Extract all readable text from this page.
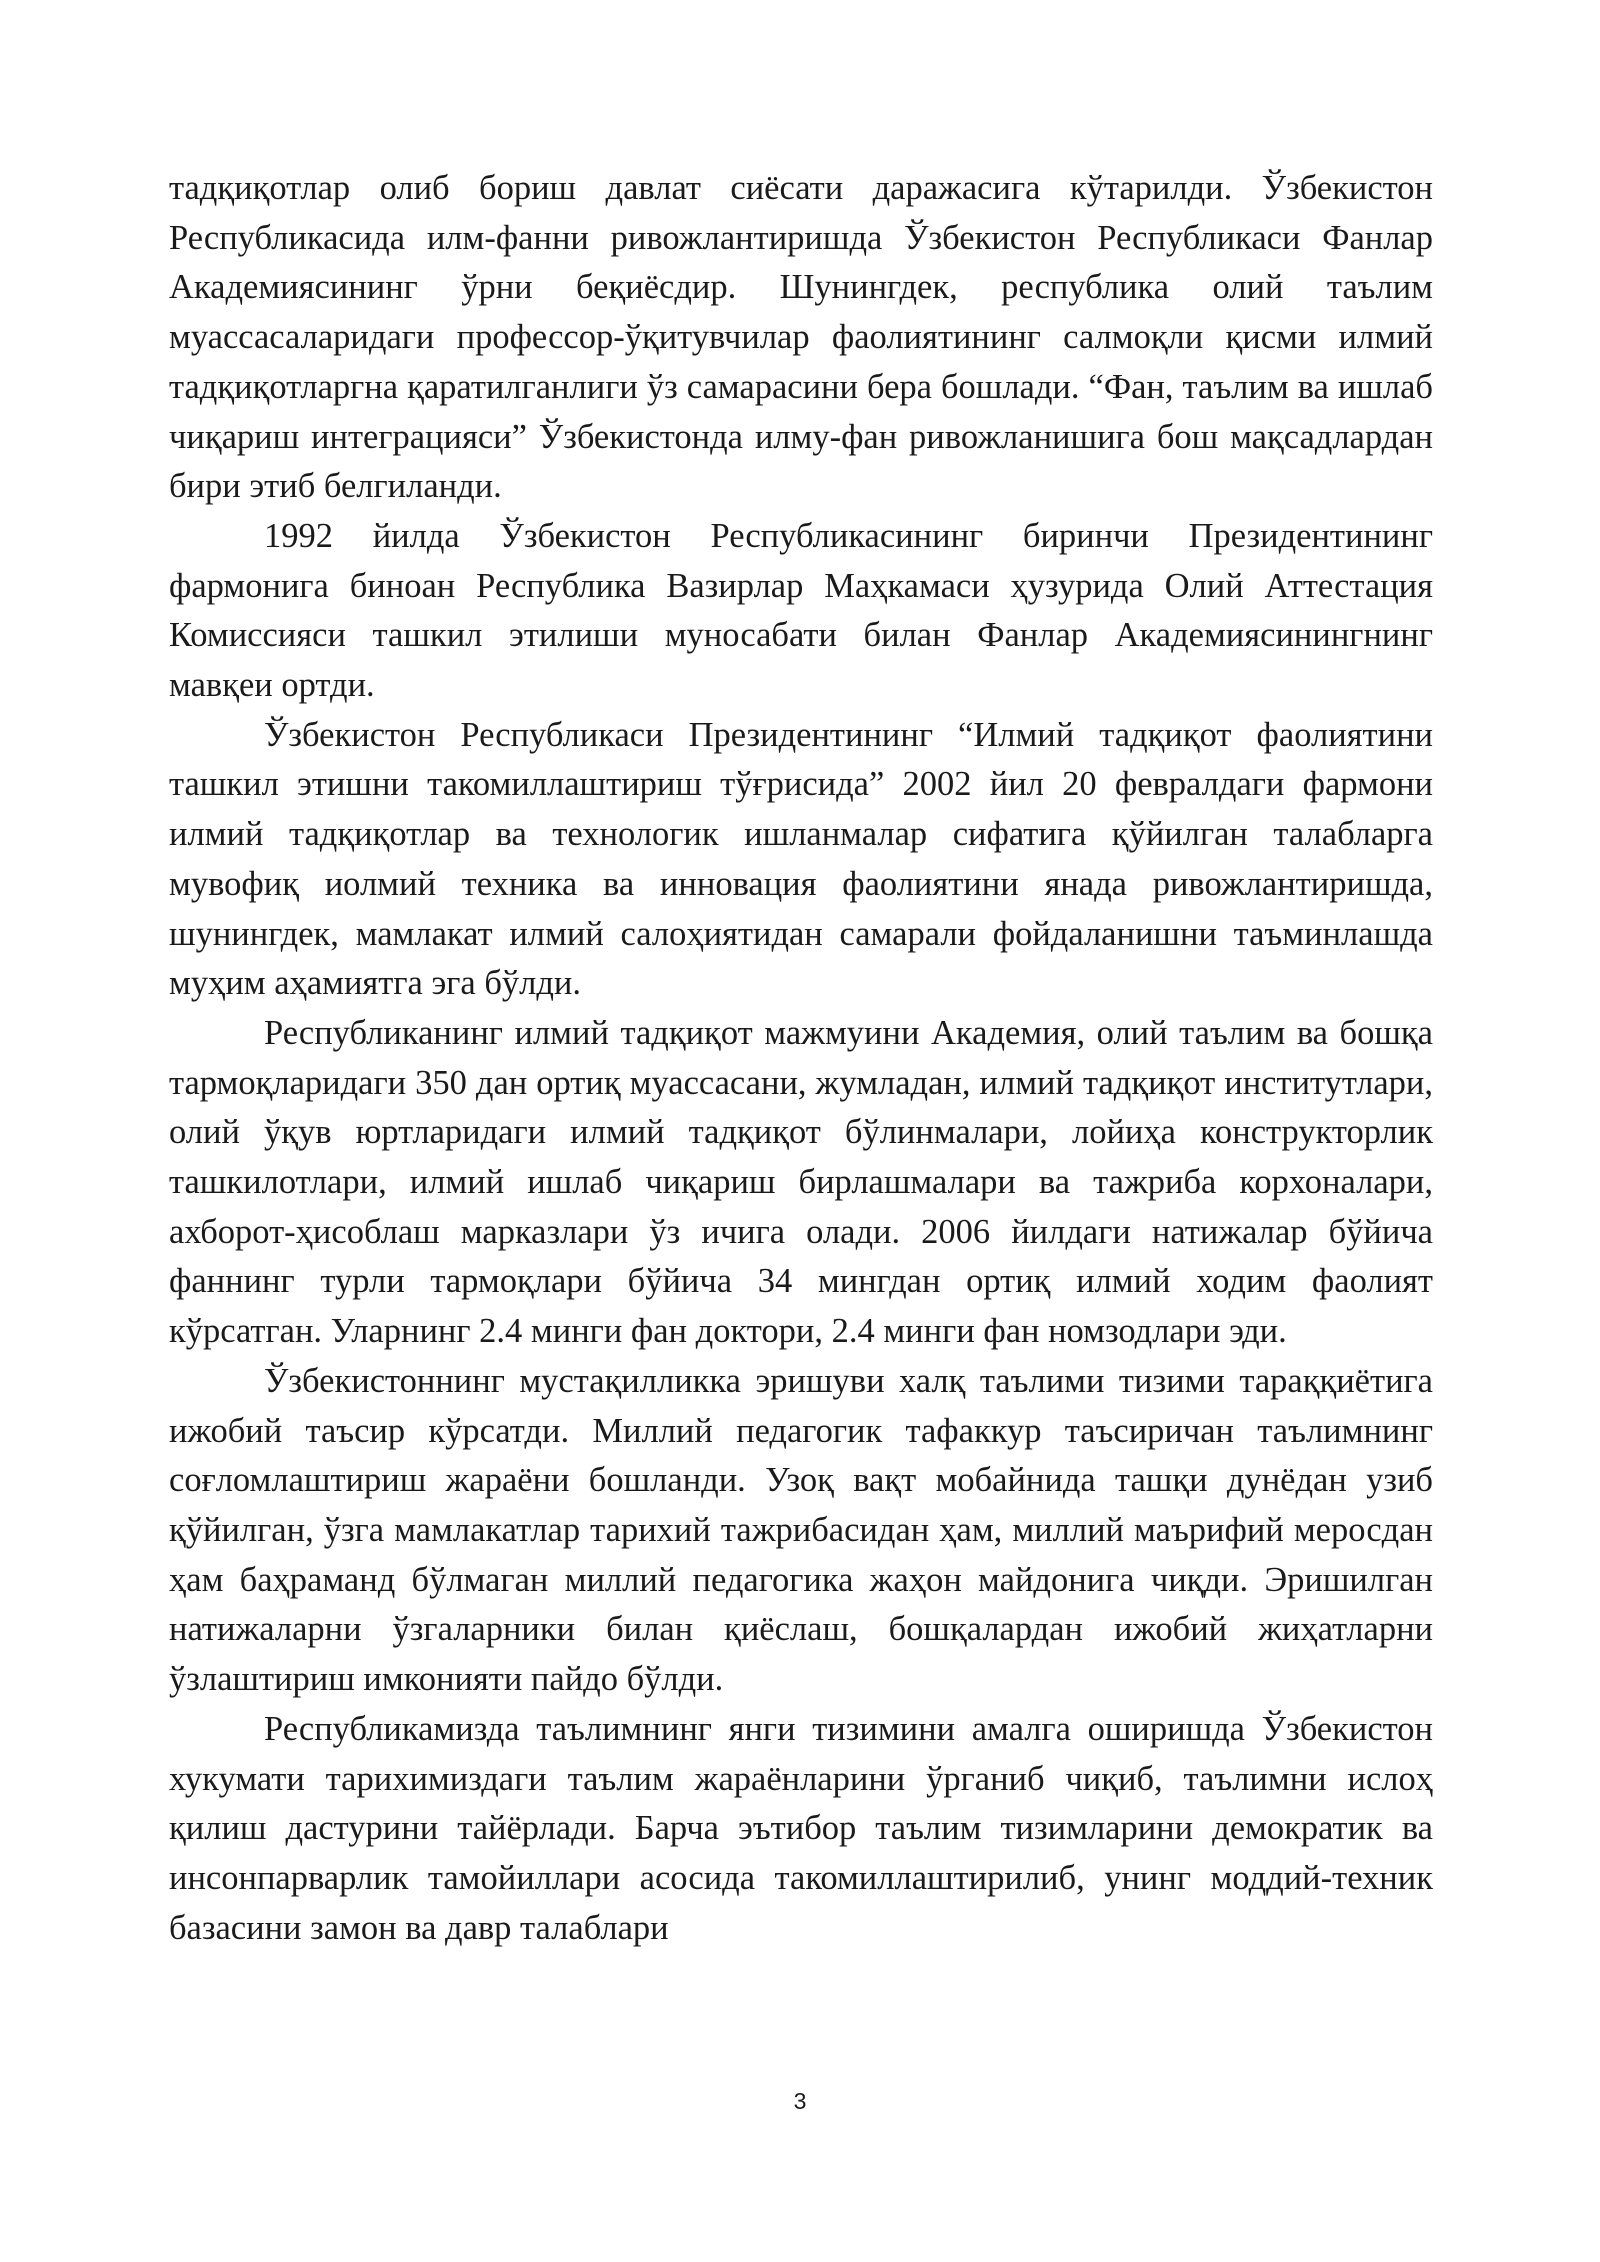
тадқиқотлар олиб бориш давлат сиёсати даражасига кўтарилди. Ўзбекистон Республикасида илм-фанни ривожлантиришда Ўзбекистон Республикаси Фанлар Академиясининг ўрни беқиёсдир. Шунингдек, республика олий таълим муассасаларидаги профессор-ўқитувчилар фаолиятининг салмоқли қисми илмий тадқиқотларгна қаратилганлиги ўз самарасини бера бошлади. “Фан, таълим ва ишлаб чиқариш интеграцияси” Ўзбекистонда илму-фан ривожланишига бош мақсадлардан бири этиб белгиланди.

1992 йилда Ўзбекистон Республикасининг биринчи Президентининг фармонига биноан Республика Вазирлар Маҳкамаси ҳузурида Олий Аттестация Комиссияси ташкил этилиши муносабати билан Фанлар Академиясинингнинг мавқеи ортди.

Ўзбекистон Республикаси Президентининг “Илмий тадқиқот фаолиятини ташкил этишни такомиллаштириш тўғрисида” 2002 йил 20 февралдаги фармони илмий тадқиқотлар ва технологик ишланмалар сифатига қўйилган талабларга мувофиқ иолмий техника ва инновация фаолиятини янада ривожлантиришда, шунингдек, мамлакат илмий салоҳиятидан самарали фойдаланишни таъминлашда муҳим аҳамиятга эга бўлди.

Республиканинг илмий тадқиқот мажмуини Академия, олий таълим ва бошқа тармоқларидаги 350 дан ортиқ муассасани, жумладан, илмий тадқиқот институтлари, олий ўқув юртларидаги илмий тадқиқот бўлинмалари, лойиҳа конструкторлик ташкилотлари, илмий ишлаб чиқариш бирлашмалари ва тажриба корхоналари, ахборот-ҳисоблаш марказлари ўз ичига олади. 2006 йилдаги натижалар бўйича фаннинг турли тармоқлари бўйича 34 мингдан ортиқ илмий ходим фаолият кўрсатган. Уларнинг 2.4 минги фан доктори, 2.4 минги фан номзодлари эди.

Ўзбекистоннинг мустақилликка эришуви халқ таълими тизими тараққиётига ижобий таъсир кўрсатди. Миллий педагогик тафаккур таъсиричан таълимнинг соғломлаштириш жараёни бошланди. Узоқ вақт мобайнида ташқи дунёдан узиб қўйилган, ўзга мамлакатлар тарихий тажрибасидан ҳам, миллий маърифий меросдан ҳам баҳраманд бўлмаган миллий педагогика жаҳон майдонига чиқди. Эришилган натижаларни ўзгаларники билан қиёслаш, бошқалардан ижобий жиҳатларни ўзлаштириш имконияти пайдо бўлди.

Республикамизда таълимнинг янги тизимини амалга оширишда Ўзбекистон хукумати тарихимиздаги таълим жараёнларини ўрганиб чиқиб, таълимни ислоҳ қилиш дастурини тайёрлади. Барча эътибор таълим тизимларини демократик ва инсонпарварлик тамойиллари асосида такомиллаштирилиб, унинг моддий-техник базасини замон ва давр талаблари

3
